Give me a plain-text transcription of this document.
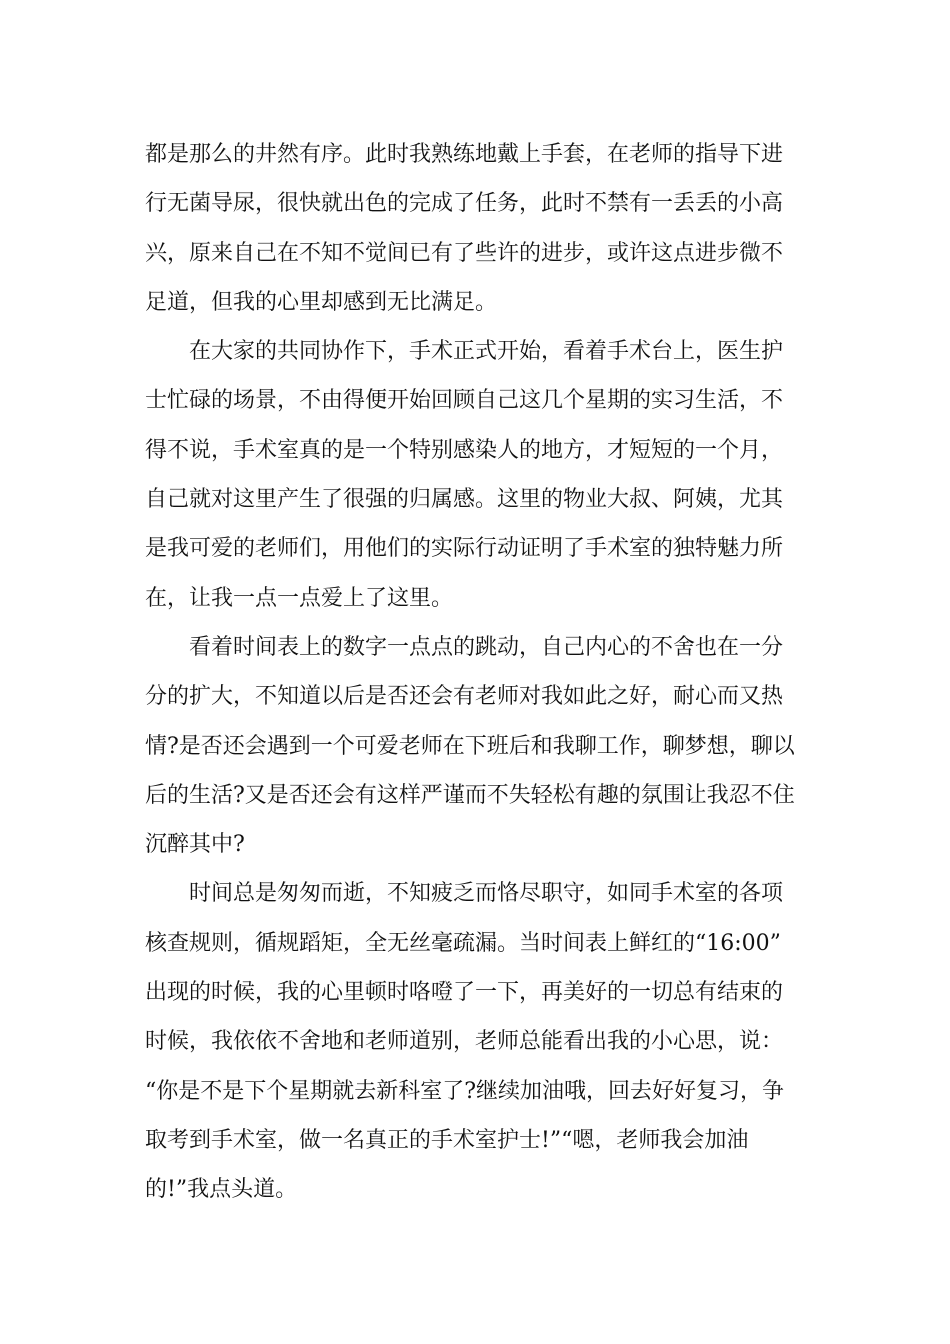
都是那么的井然有序。此时我熟练地戴上手套，在老师的指导下进
行无菌导尿，很快就出色的完成了任务，此时不禁有一丢丢的小高
兴，原来自己在不知不觉间已有了些许的进步，或许这点进步微不
足道，但我的心里却感到无比满足。

在大家的共同协作下，手术正式开始，看着手术台上，医生护
士忙碌的场景，不由得便开始回顾自己这几个星期的实习生活，不
得不说，手术室真的是一个特别感染人的地方，才短短的一个月，
自己就对这里产生了很强的归属感。这里的物业大叔、阿姨，尤其
是我可爱的老师们，用他们的实际行动证明了手术室的独特魅力所
在，让我一点一点爱上了这里。

看着时间表上的数字一点点的跳动，自己内心的不舍也在一分
分的扩大，不知道以后是否还会有老师对我如此之好，耐心而又热
情?是否还会遇到一个可爱老师在下班后和我聊工作，聊梦想，聊以
后的生活?又是否还会有这样严谨而不失轻松有趣的氛围让我忍不住
沉醉其中?

时间总是匆匆而逝，不知疲乏而恪尽职守，如同手术室的各项
核查规则，循规蹈矩，全无丝毫疏漏。当时间表上鲜红的“16:00”
出现的时候，我的心里顿时咯噔了一下，再美好的一切总有结束的
时候，我依依不舍地和老师道别，老师总能看出我的小心思，说：
“你是不是下个星期就去新科室了?继续加油哦，回去好好复习，争
取考到手术室，做一名真正的手术室护士!”“嗯，老师我会加油
的!”我点头道。
